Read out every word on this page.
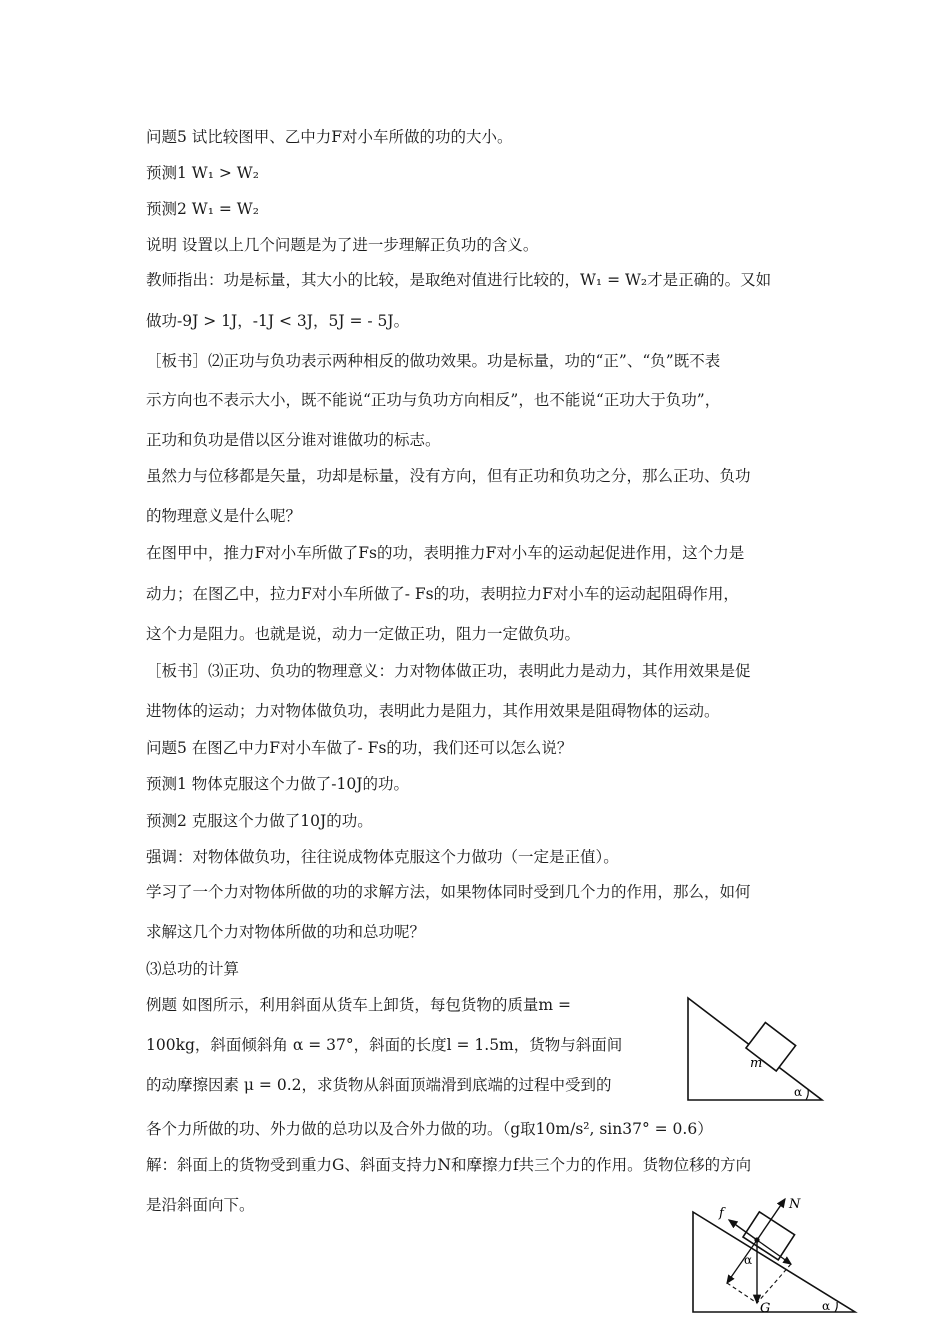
问题5 试比较图甲、乙中力F对小车所做的功的大小。

预测1 W₁ > W₂

预测2 W₁ = W₂

说明 设置以上几个问题是为了进一步理解正负功的含义。

教师指出：功是标量，其大小的比较，是取绝对值进行比较的，W₁ = W₂才是正确的。又如

做功-9J > 1J，-1J < 3J，5J = - 5J。

［板书］⑵正功与负功表示两种相反的做功效果。功是标量，功的“正”、“负”既不表

示方向也不表示大小，既不能说“正功与负功方向相反”，也不能说“正功大于负功”，

正功和负功是借以区分谁对谁做功的标志。

虽然力与位移都是矢量，功却是标量，没有方向，但有正功和负功之分，那么正功、负功

的物理意义是什么呢？

在图甲中，推力F对小车所做了Fs的功，表明推力F对小车的运动起促进作用，这个力是

动力；在图乙中，拉力F对小车所做了- Fs的功，表明拉力F对小车的运动起阻碍作用，

这个力是阻力。也就是说，动力一定做正功，阻力一定做负功。

［板书］⑶正功、负功的物理意义：力对物体做正功，表明此力是动力，其作用效果是促

进物体的运动；力对物体做负功，表明此力是阻力，其作用效果是阻碍物体的运动。

问题5 在图乙中力F对小车做了- Fs的功，我们还可以怎么说？

预测1 物体克服这个力做了-10J的功。

预测2 克服这个力做了10J的功。

强调：对物体做负功，往往说成物体克服这个力做功（一定是正值）。

学习了一个力对物体所做的功的求解方法，如果物体同时受到几个力的作用，那么，如何

求解这几个力对物体所做的功和总功呢？

⑶总功的计算

例题 如图所示，利用斜面从货车上卸货，每包货物的质量m =

100kg，斜面倾斜角 α = 37°，斜面的长度l = 1.5m，货物与斜面间

的动摩擦因素 μ = 0.2，求货物从斜面顶端滑到底端的过程中受到的

各个力所做的功、外力做的总功以及合外力做的功。（g取10m/s², sin37° = 0.6）

解：斜面上的货物受到重力G、斜面支持力N和摩擦力f共三个力的作用。货物位移的方向

是沿斜面向下。

m
α
N
f
G
α
α
